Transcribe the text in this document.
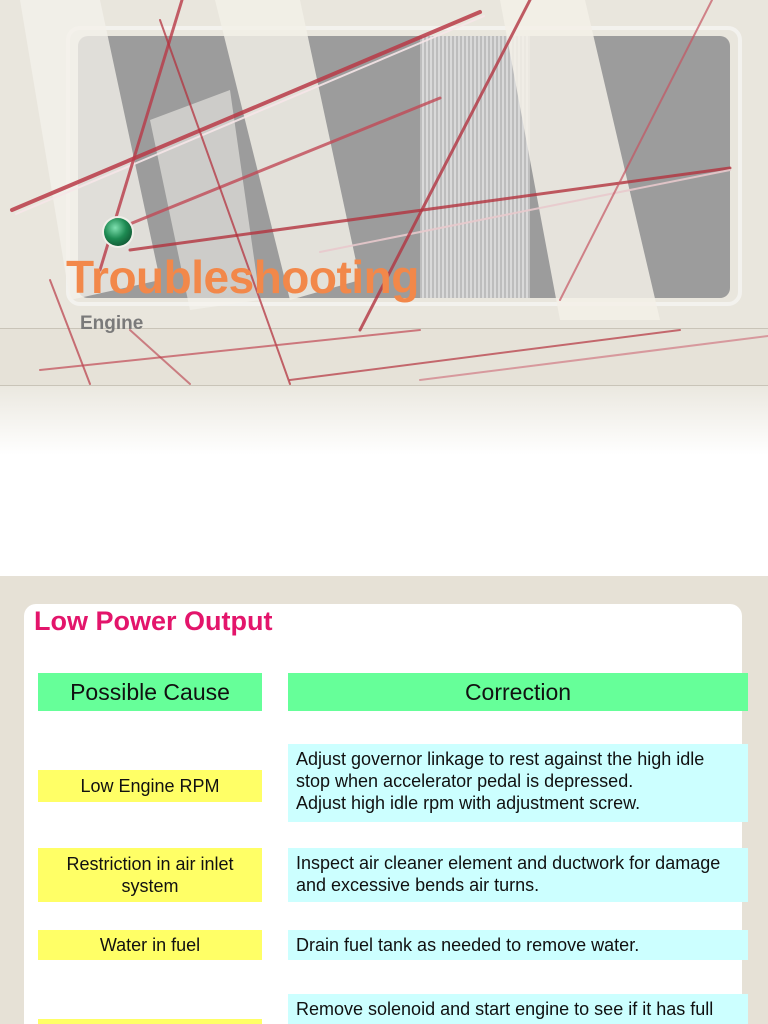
Troubleshooting
Engine
Low Power Output
Possible Cause	Correction
Low Engine RPM
Adjust governor linkage to rest against the high idle stop when accelerator pedal is depressed.
Adjust high idle rpm with adjustment screw.
Restriction in air inlet system
Inspect air cleaner element and ductwork for damage and excessive bends air turns.
Water in fuel	Drain fuel tank as needed to remove water.
Remove solenoid and start engine to see if it has full
